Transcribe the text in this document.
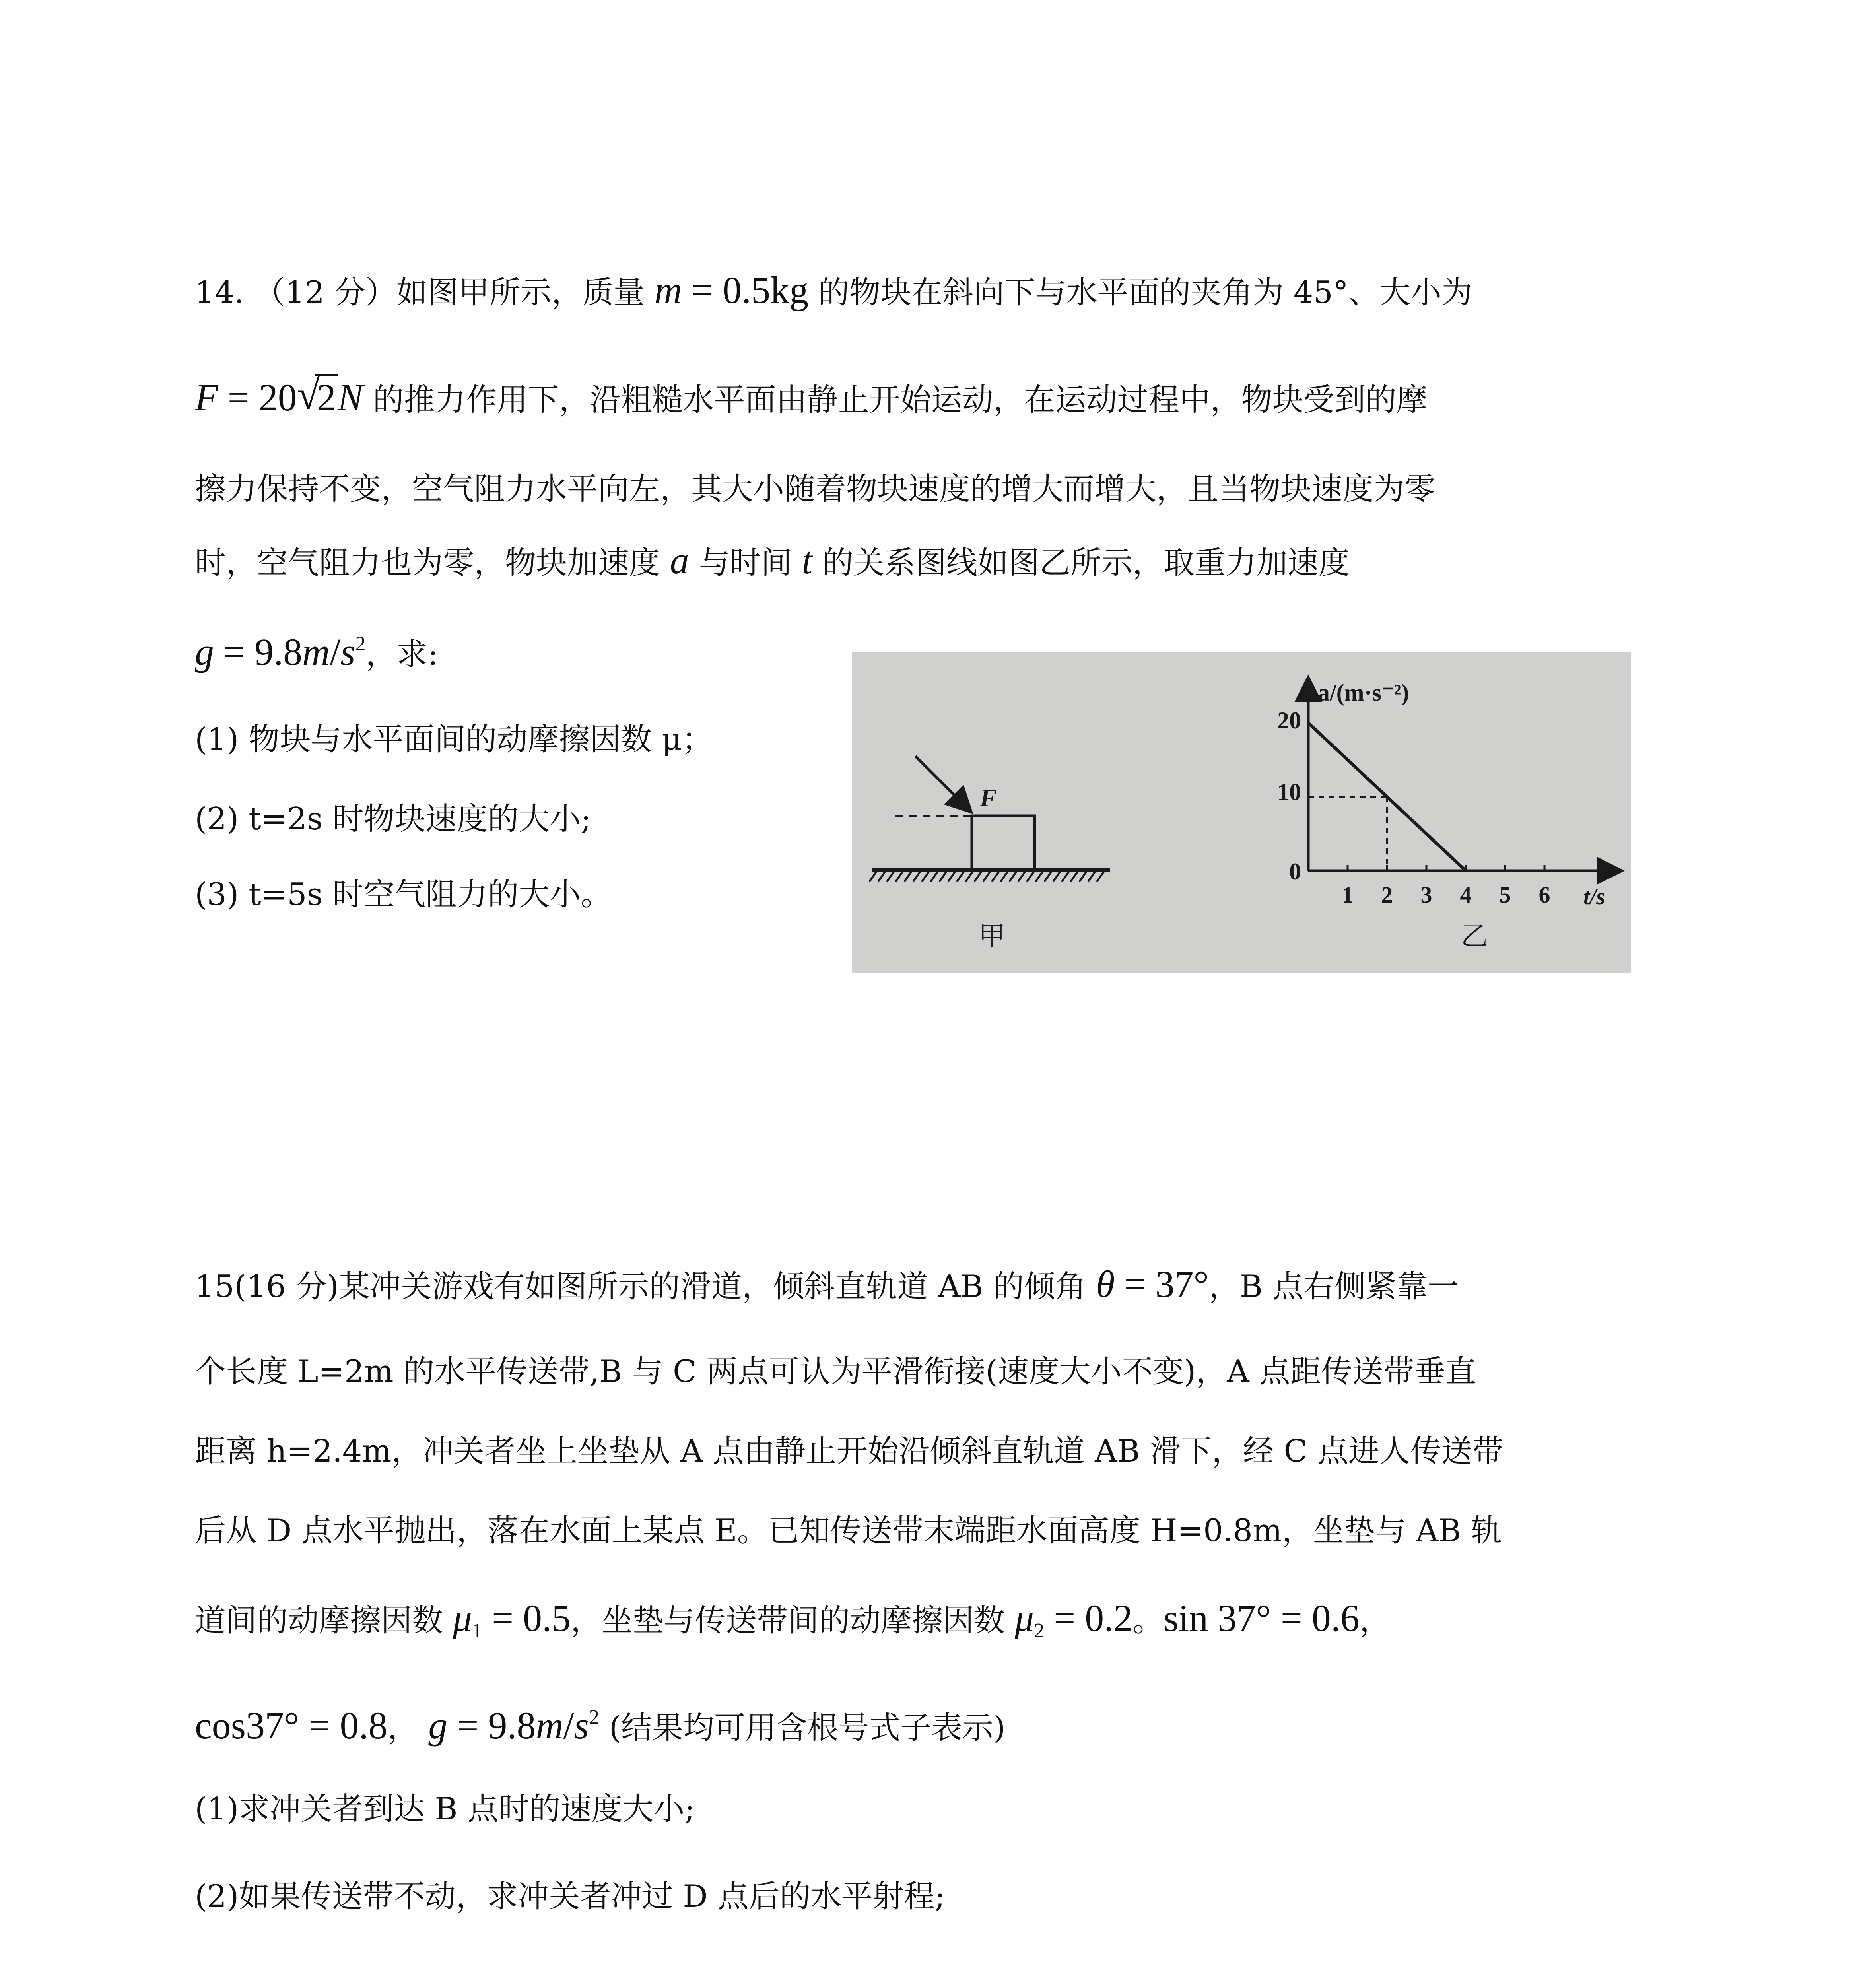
14. （12 分）如图甲所示，质量 m = 0.5kg 的物块在斜向下与水平面的夹角为 45°、大小为
F = 20√ 2N 的推力作用下，沿粗糙水平面由静止开始运动，在运动过程中，物块受到的摩
擦力保持不变，空气阻力水平向左，其大小随着物块速度的增大而增大，且当物块速度为零
时，空气阻力也为零，物块加速度 a 与时间 t 的关系图线如图乙所示，取重力加速度
$g = 9.8m/s^2$，求:
(1) 物块与水平面间的动摩擦因数 μ；
(2) t=2s 时物块速度的大小;
(3) t=5s 时空气阻力的大小。
F
甲
a/(m·s⁻²)
t/s
20
10
0
1 2 3 4 5 6
乙
15(16 分)某冲关游戏有如图所示的滑道，倾斜直轨道 AB 的倾角 θ = 37°，B 点右侧紧靠一
个长度 L=2m 的水平传送带,B 与 C 两点可认为平滑衔接(速度大小不变)，A 点距传送带垂直
距离 h=2.4m，冲关者坐上坐垫从 A 点由静止开始沿倾斜直轨道 AB 滑下，经 C 点进人传送带
后从 D 点水平抛出，落在水面上某点 E。已知传送带末端距水面高度 H=0.8m，坐垫与 AB 轨
道间的动摩擦因数 $\mu_1 = 0.5$，坐垫与传送带间的动摩擦因数 $\mu_2 = 0.2$。sin 37° = 0.6，
cos37° = 0.8， $g = 9.8m/s^2$ (结果均可用含根号式子表示)
(1)求冲关者到达 B 点时的速度大小;
(2)如果传送带不动，求冲关者冲过 D 点后的水平射程;
